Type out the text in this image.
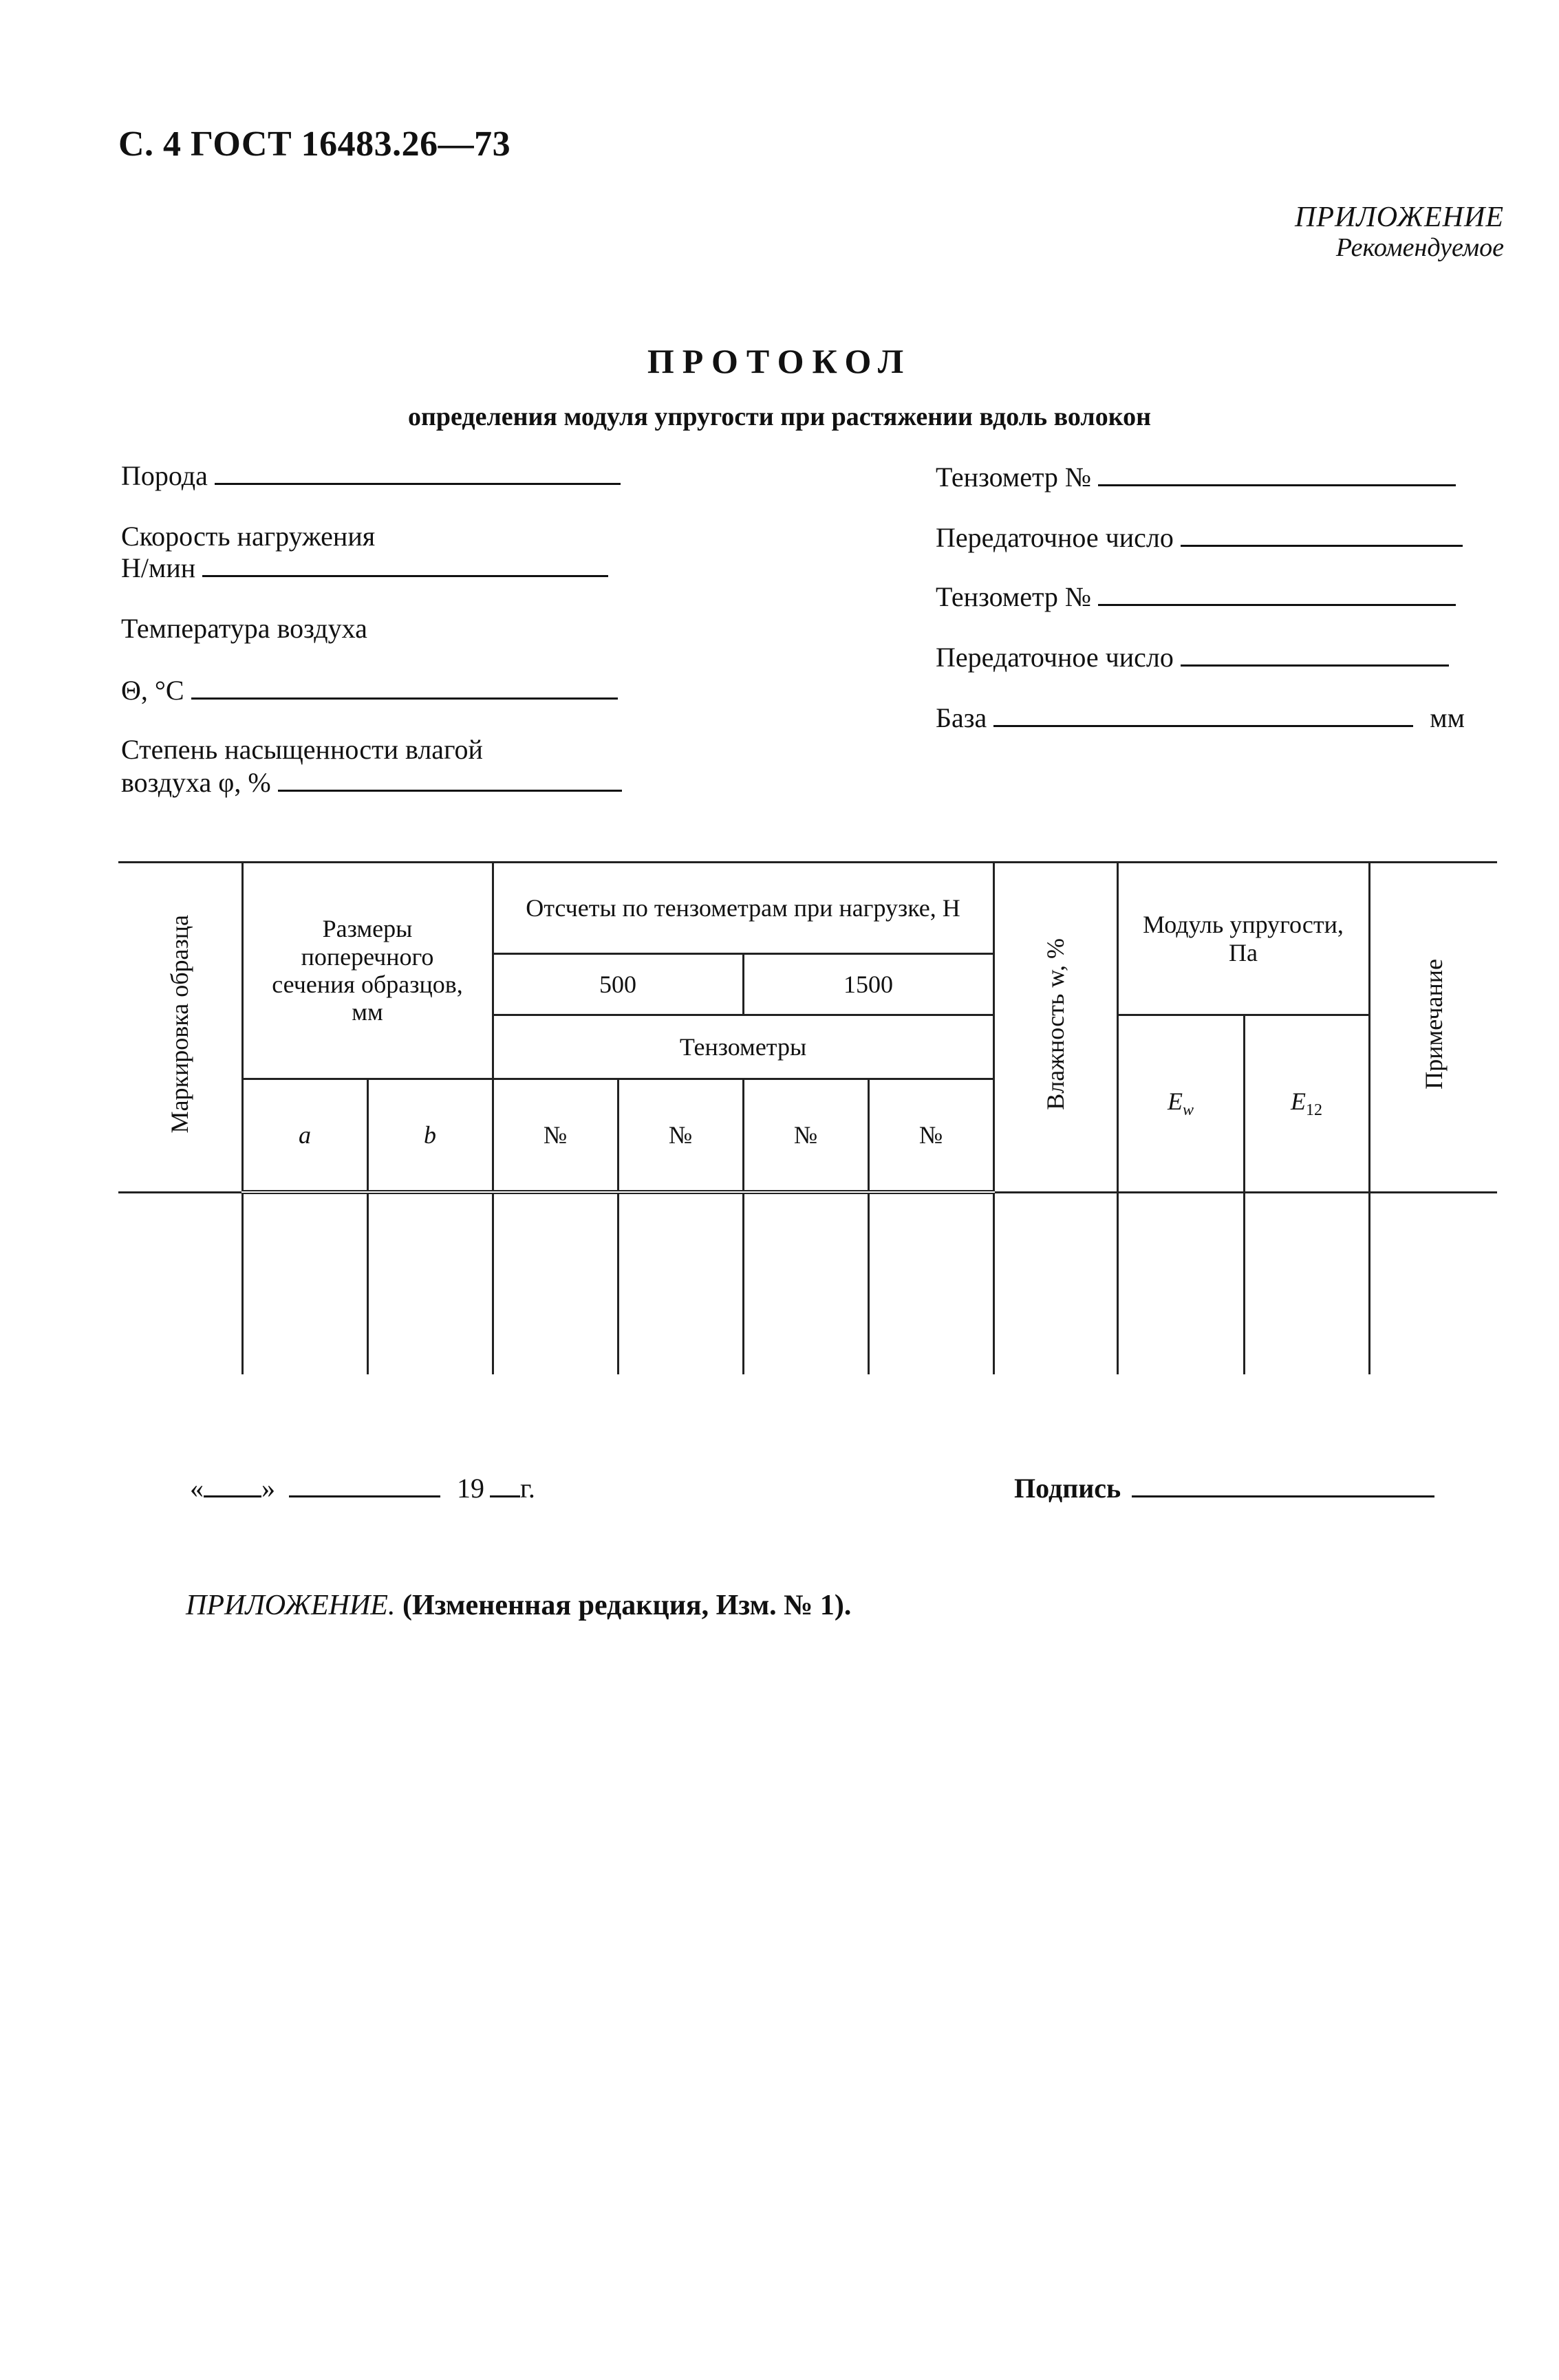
С. 4 ГОСТ 16483.26—73
ПРИЛОЖЕНИЕ
Рекомендуемое
ПРОТОКОЛ
определения модуля упругости при растяжении вдоль волокон
Порода
Скорость нагружения
Н/мин
Температура воздуха
Θ, °С
Степень насыщенности влагой
воздуха φ, %
Тензометр №
Передаточное число
Тензометр №
Передаточное число
База	мм
Маркировка образца	Размеры поперечного сечения образцов, мм		Отсчеты по тензометрам при нагрузке, Н				Влажность w, %	Модуль упругости, Па		Примечание
			500		1500					
			Тензометры					$E_w$	$E_{12}$
	a	b	№	№	№	№				

« »	19 г.	Подпись
ПРИЛОЖЕНИЕ. (Измененная редакция, Изм. № 1).
